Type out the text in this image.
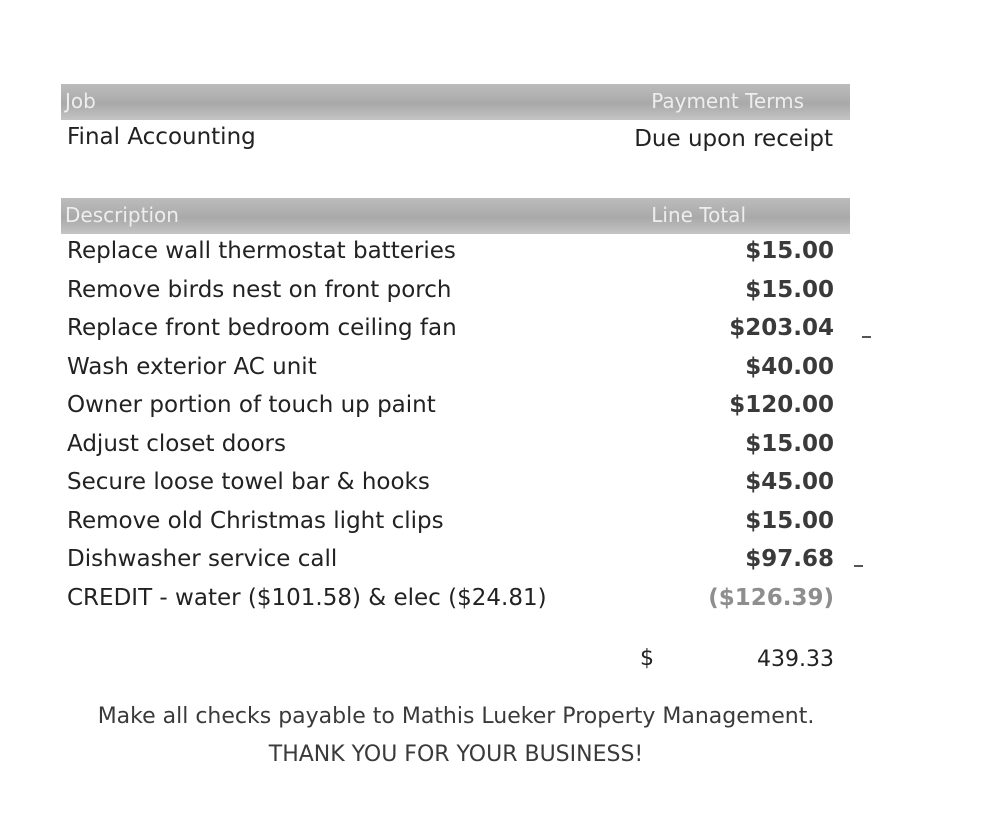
Job	Payment Terms
Final Accounting	Due upon receipt
Description	Line Total
Replace wall thermostat batteries	$15.00
Remove birds nest on front porch	$15.00
Replace front bedroom ceiling fan	$203.04
Wash exterior AC unit	$40.00
Owner portion of touch up paint	$120.00
Adjust closet doors	$15.00
Secure loose towel bar & hooks	$45.00
Remove old Christmas light clips	$15.00
Dishwasher service call	$97.68
CREDIT - water ($101.58) & elec ($24.81)	($126.39)
$	439.33
Make all checks payable to Mathis Lueker Property Management.
THANK YOU FOR YOUR BUSINESS!
